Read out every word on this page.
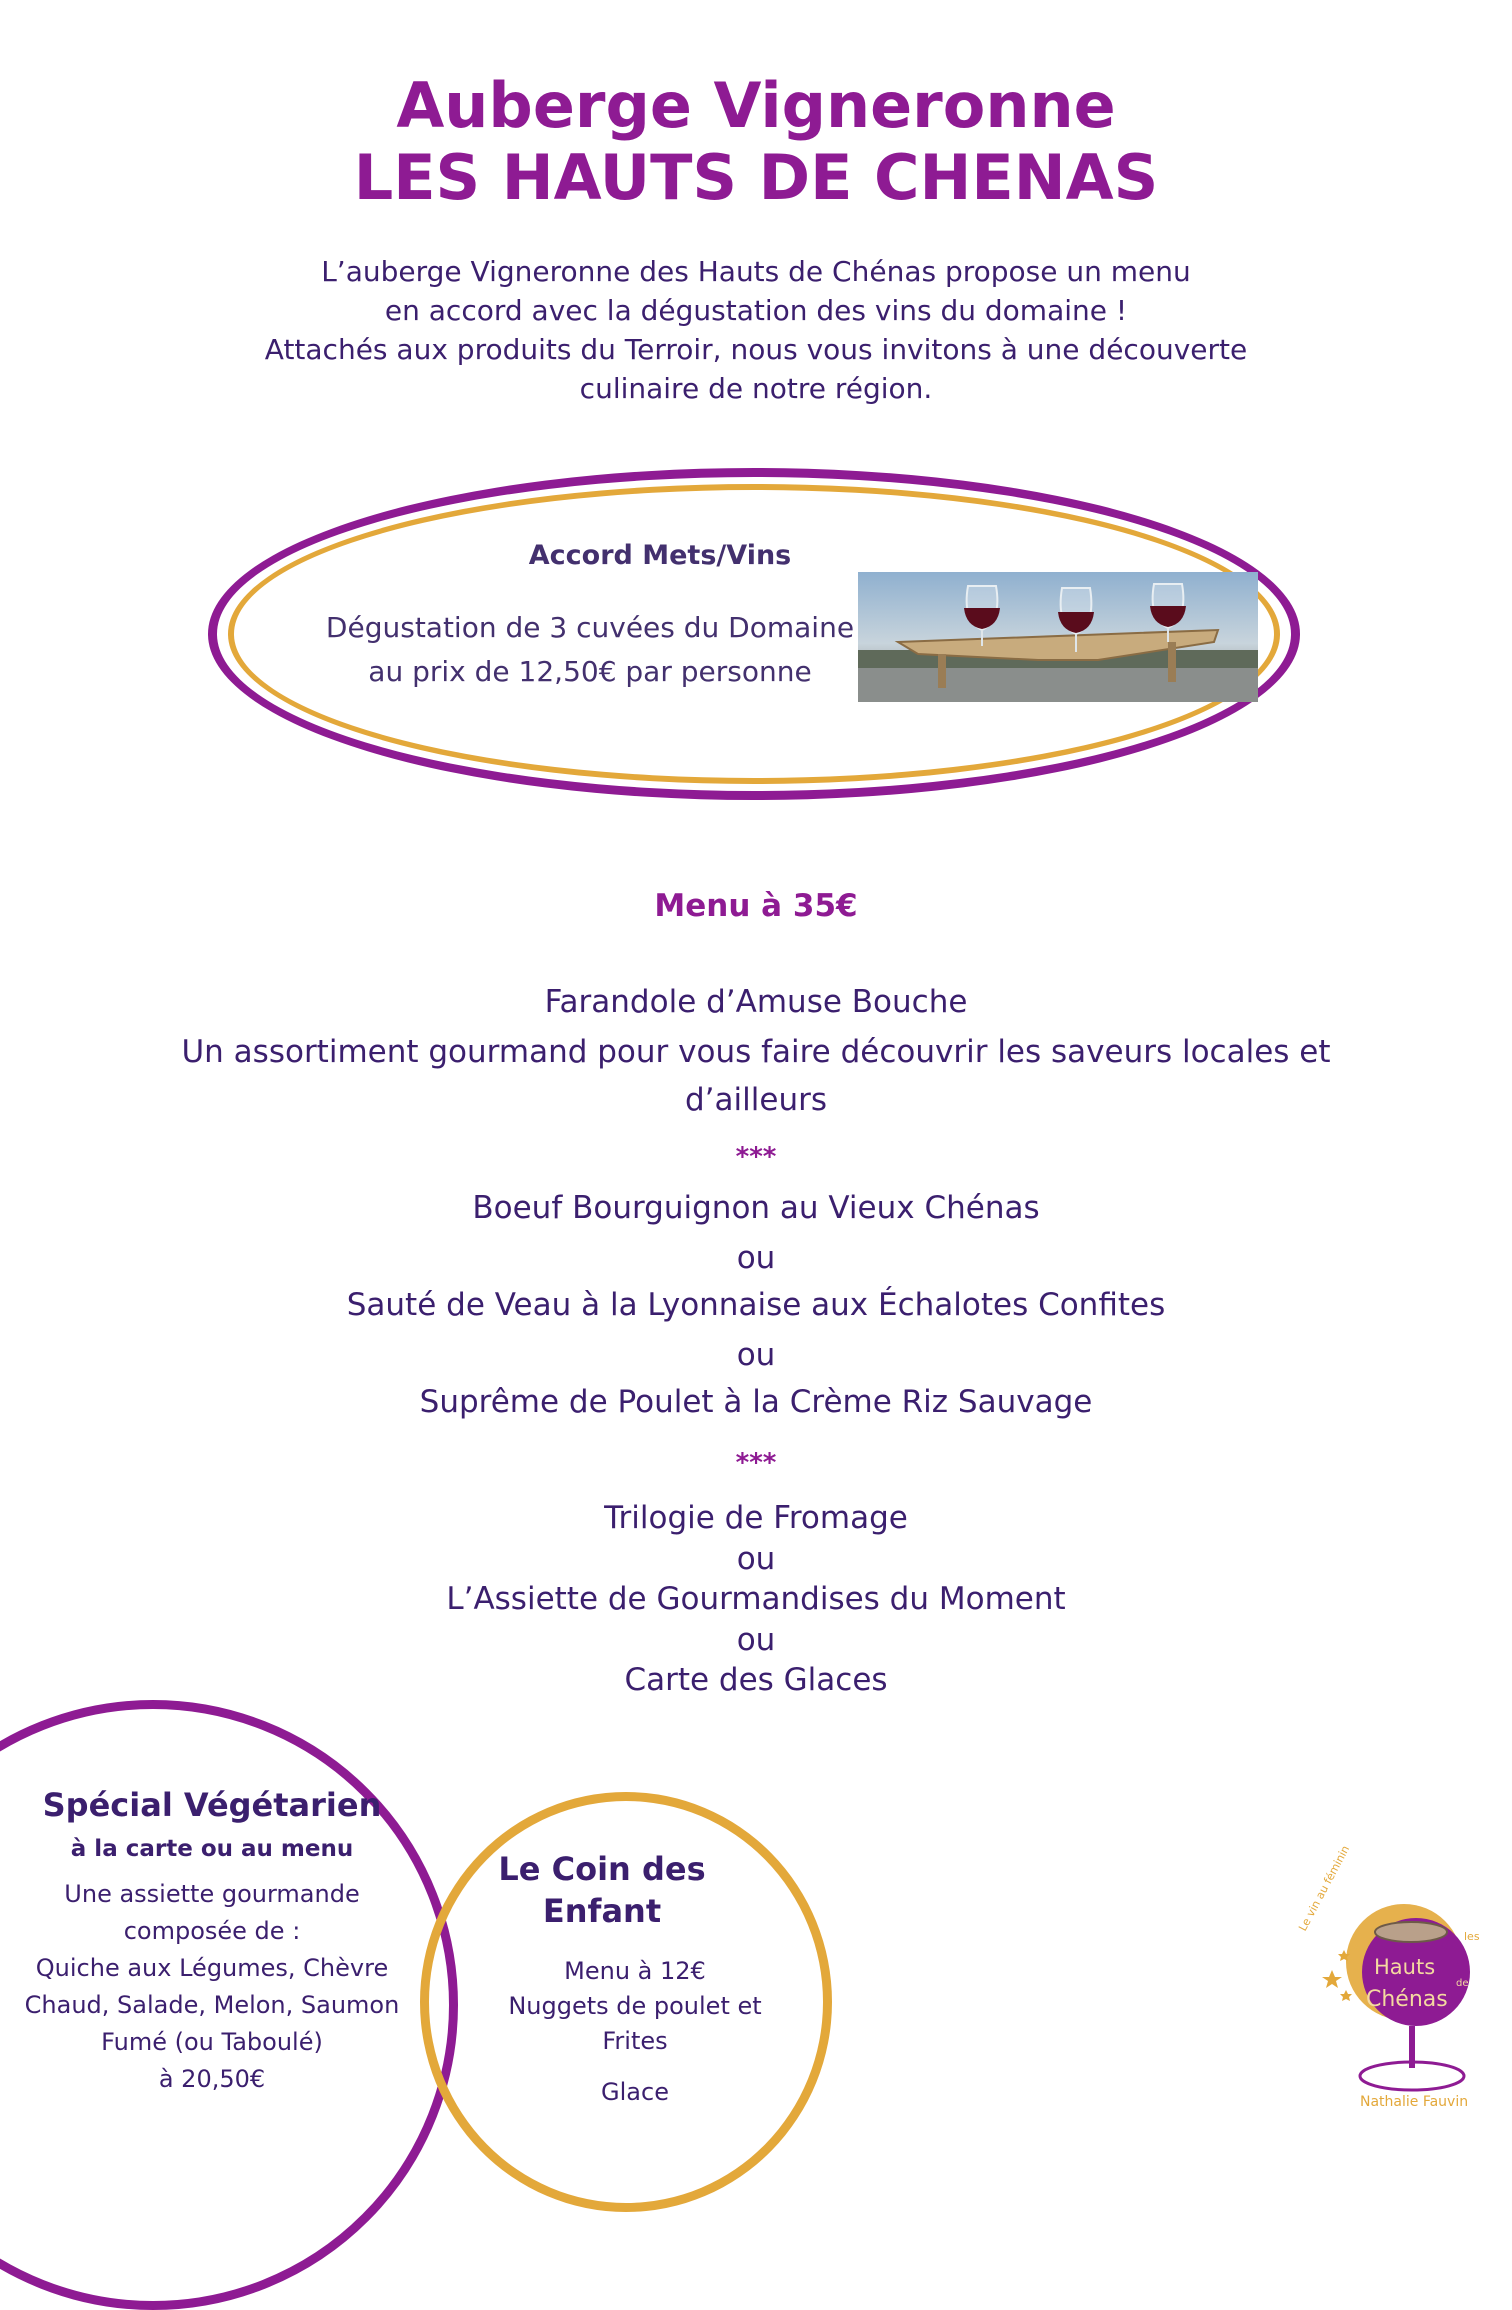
Auberge Vigneronne
LES HAUTS DE CHENAS
L’auberge Vigneronne des Hauts de Chénas propose un menu
en accord avec la dégustation des vins du domaine !
Attachés aux produits du Terroir, nous vous invitons à une découverte
culinaire de notre région.
Accord Mets/Vins
Dégustation de 3 cuvées du Domaine
au prix de 12,50€ par personne
Menu à 35€
Farandole d’Amuse Bouche
Un assortiment gourmand pour vous faire découvrir les saveurs locales et
d’ailleurs
***
Boeuf Bourguignon au Vieux Chénas
ou
Sauté de Veau à la Lyonnaise aux Échalotes Confites
ou
Suprême de Poulet à la Crème Riz Sauvage
***
Trilogie de Fromage
ou
L’Assiette de Gourmandises du Moment
ou
Carte des Glaces
Spécial Végétarien
à la carte ou au menu
Une assiette gourmande
composée de :
Quiche aux Légumes, Chèvre
Chaud, Salade, Melon, Saumon
Fumé (ou Taboulé)
à 20,50€
Le Coin des
Enfant
Menu à 12€
Nuggets de poulet et
Frites
Glace
Le vin au féminin
les
Hauts
de
Chénas
Nathalie Fauvin
